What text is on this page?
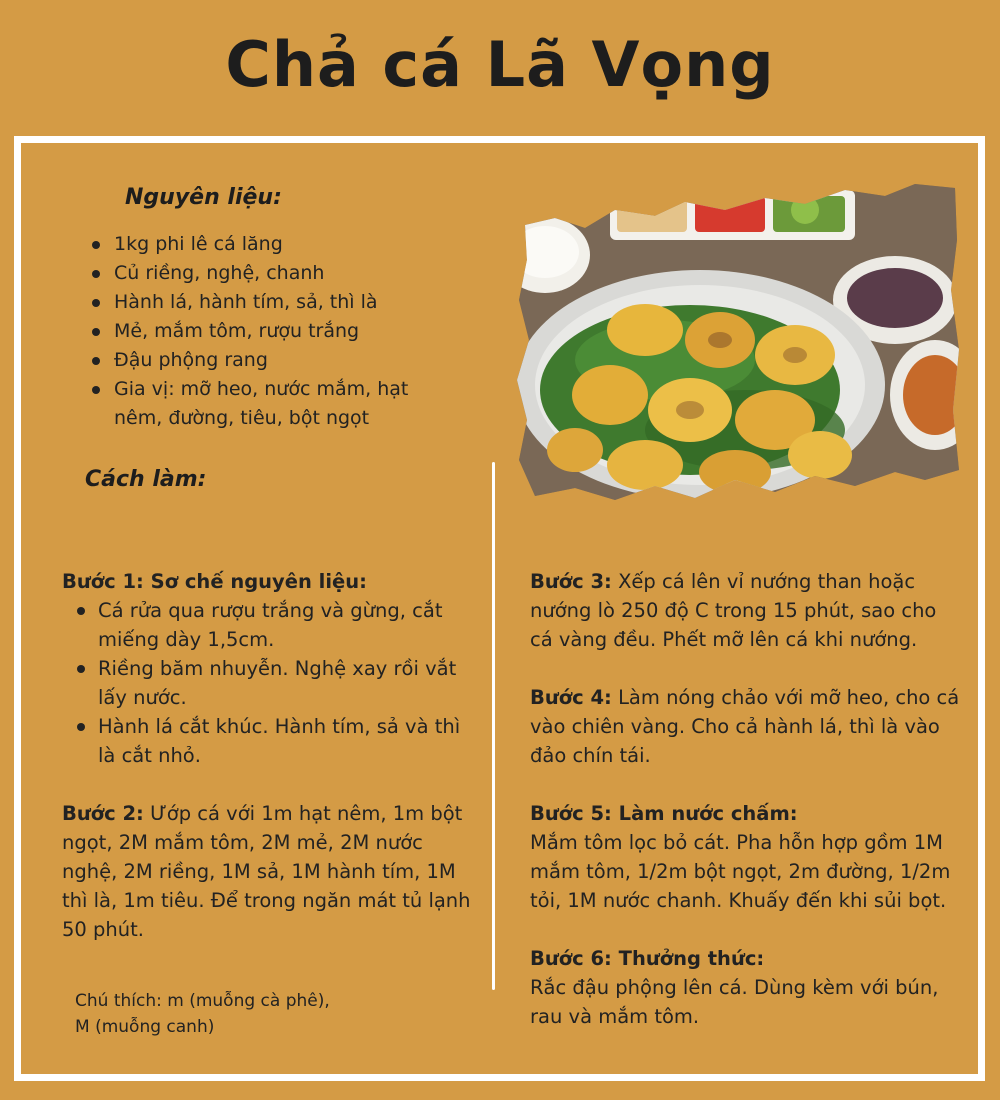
Chả cá Lã Vọng
Nguyên liệu:
1kg phi lê cá lăng
Củ riềng, nghệ, chanh
Hành lá, hành tím, sả, thì là
Mẻ, mắm tôm, rượu trắng
Đậu phộng rang
Gia vị: mỡ heo, nước mắm, hạt nêm, đường, tiêu, bột ngọt
Cách làm:
Bước 1: Sơ chế nguyên liệu:
Cá rửa qua rượu trắng và gừng, cắt miếng dày 1,5cm.
Riềng băm nhuyễn. Nghệ xay rồi vắt lấy nước.
Hành lá cắt khúc. Hành tím, sả và thì là cắt nhỏ.
Bước 2: Ướp cá với 1m hạt nêm, 1m bột ngọt, 2M mắm tôm, 2M mẻ, 2M nước nghệ, 2M riềng, 1M sả, 1M hành tím, 1M thì là, 1m tiêu. Để trong ngăn mát tủ lạnh 50 phút.
Bước 3: Xếp cá lên vỉ nướng than hoặc nướng lò 250 độ C trong 15 phút, sao cho cá vàng đều. Phết mỡ lên cá khi nướng.
Bước 4: Làm nóng chảo với mỡ heo, cho cá vào chiên vàng. Cho cả hành lá, thì là vào đảo chín tái.
Bước 5: Làm nước chấm:
Mắm tôm lọc bỏ cát. Pha hỗn hợp gồm 1M mắm tôm, 1/2m bột ngọt, 2m đường, 1/2m tỏi, 1M nước chanh. Khuấy đến khi sủi bọt.
Bước 6: Thưởng thức:
Rắc đậu phộng lên cá. Dùng kèm với bún, rau và mắm tôm.
Chú thích: m (muỗng cà phê),
M (muỗng canh)
